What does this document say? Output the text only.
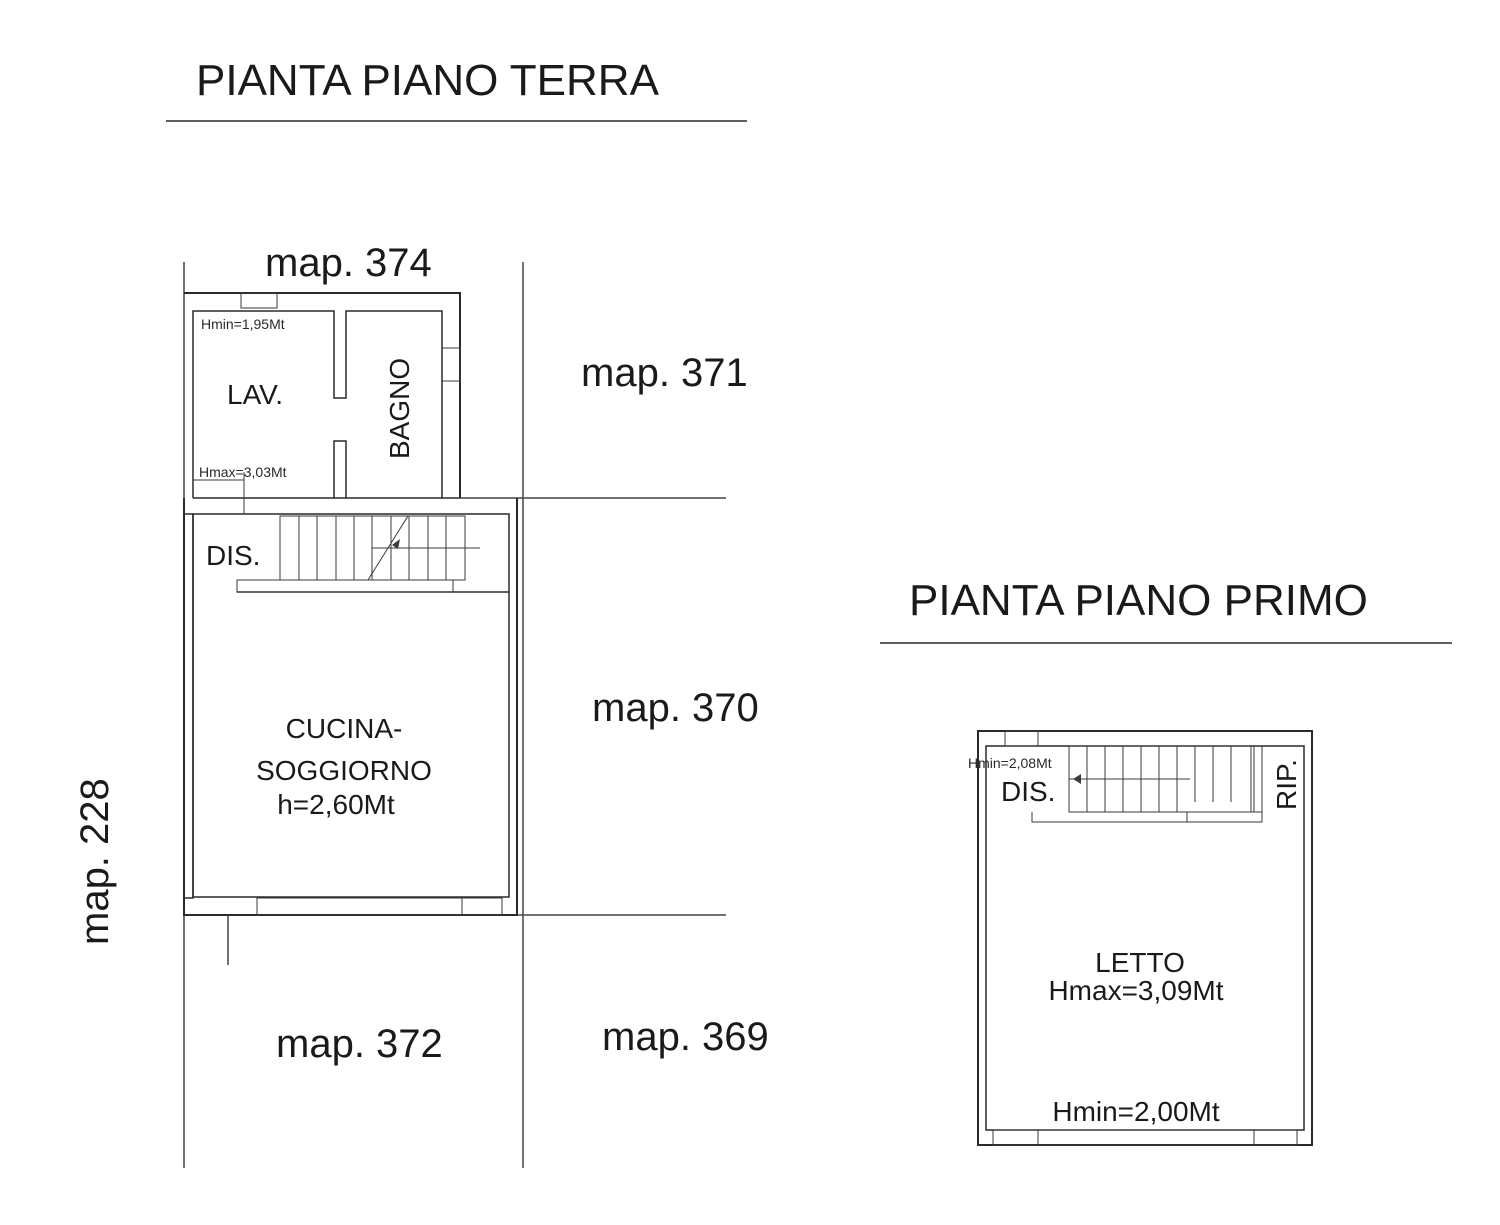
PIANTA PIANO TERRA
map. 374
map. 371
map. 370
map. 228
map. 372	map. 369
Hmin=1,95Mt
LAV.
Hmax=3,03Mt
BAGNO
DIS.
CUCINA-
SOGGIORNO
h=2,60Mt
PIANTA PIANO PRIMO
Hmin=2,08Mt
DIS.	RIP.
LETTO
Hmax=3,09Mt
Hmin=2,00Mt
